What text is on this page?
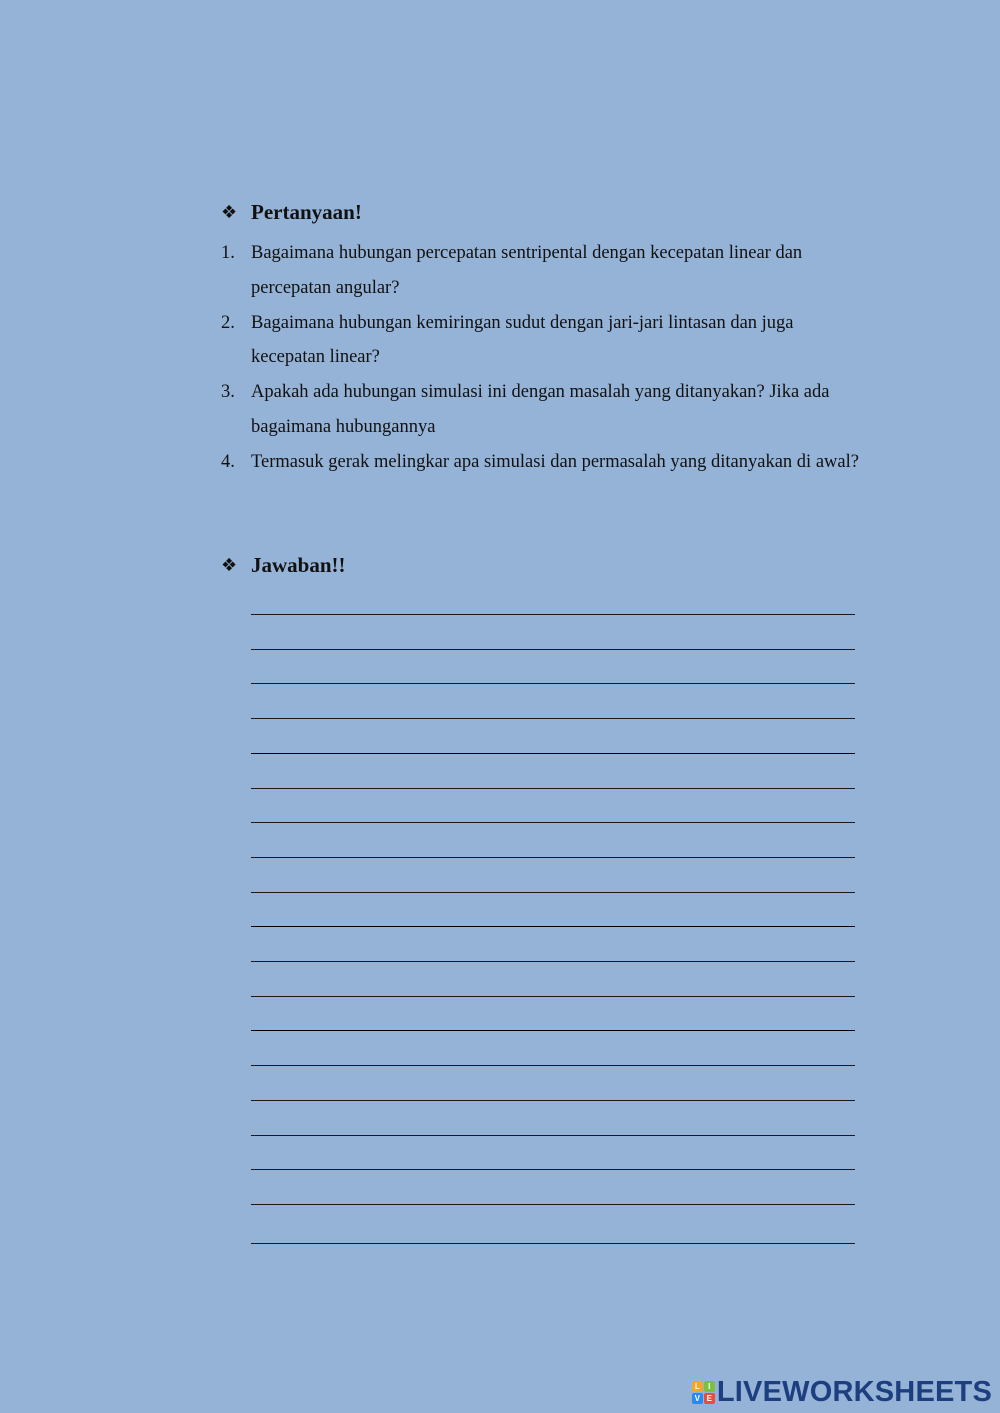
❖ Pertanyaan!
1. Bagaimana hubungan percepatan sentripental dengan kecepatan linear dan percepatan angular?
2. Bagaimana hubungan kemiringan sudut dengan jari-jari lintasan dan juga kecepatan linear?
3. Apakah ada hubungan simulasi ini dengan masalah yang ditanyakan? Jika ada bagaimana hubungannya
4. Termasuk gerak melingkar apa simulasi dan permasalah yang ditanyakan di awal?
❖ Jawaban!!
L	I
V E LIVEWORKSHEETS
